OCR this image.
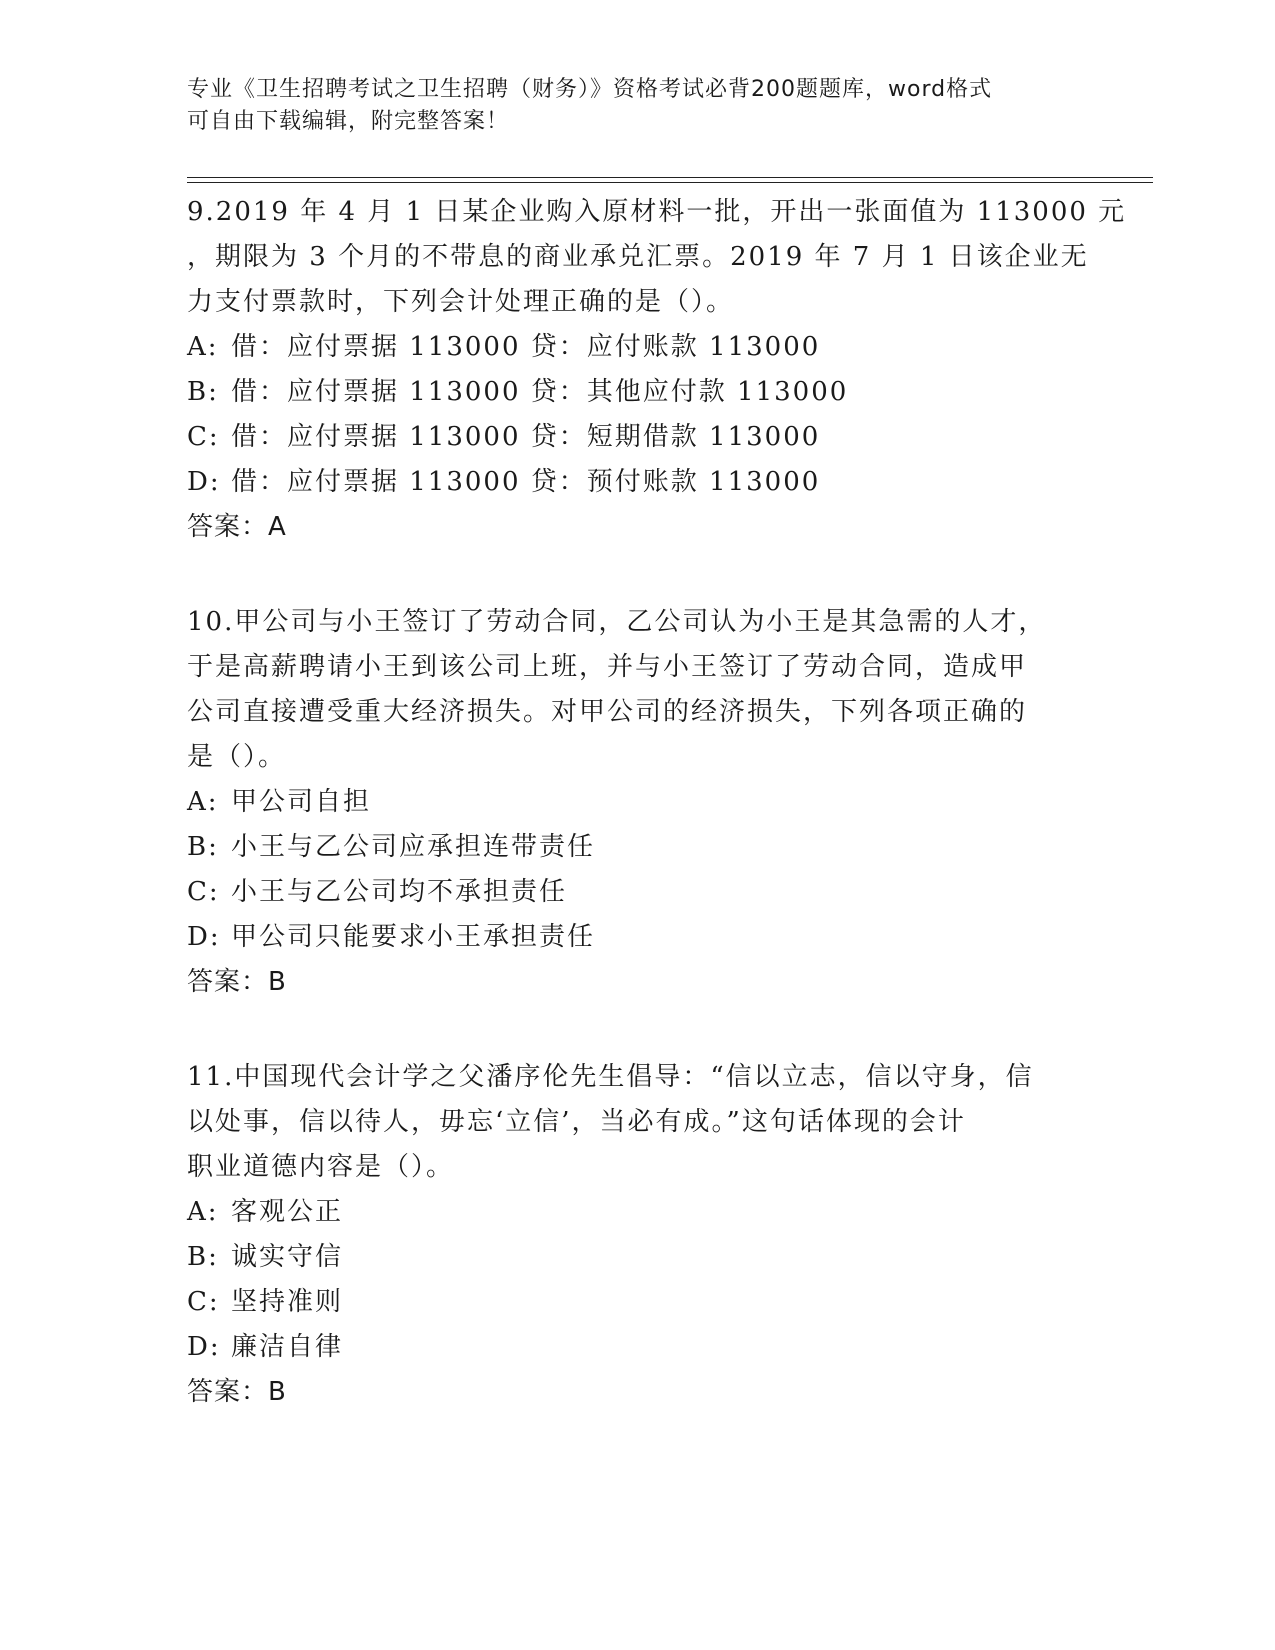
专业《卫生招聘考试之卫生招聘（财务）》资格考试必背200题题库，word格式
可自由下载编辑，附完整答案！
9.2019 年 4 月 1 日某企业购入原材料一批，开出一张面值为 113000 元
，期限为 3 个月的不带息的商业承兑汇票。2019 年 7 月 1 日该企业无
力支付票款时，下列会计处理正确的是（）。
A: 借：应付票据 113000 贷：应付账款 113000
B: 借：应付票据 113000 贷：其他应付款 113000
C: 借：应付票据 113000 贷：短期借款 113000
D: 借：应付票据 113000 贷：预付账款 113000
答案：A
10.甲公司与小王签订了劳动合同，乙公司认为小王是其急需的人才，
于是高薪聘请小王到该公司上班，并与小王签订了劳动合同，造成甲
公司直接遭受重大经济损失。对甲公司的经济损失，下列各项正确的
是（）。
A: 甲公司自担
B: 小王与乙公司应承担连带责任
C: 小王与乙公司均不承担责任
D: 甲公司只能要求小王承担责任
答案：B
11.中国现代会计学之父潘序伦先生倡导：“信以立志，信以守身，信
以处事，信以待人，毋忘‘立信’，当必有成。”这句话体现的会计
职业道德内容是（）。
A: 客观公正
B: 诚实守信
C: 坚持准则
D: 廉洁自律
答案：B
